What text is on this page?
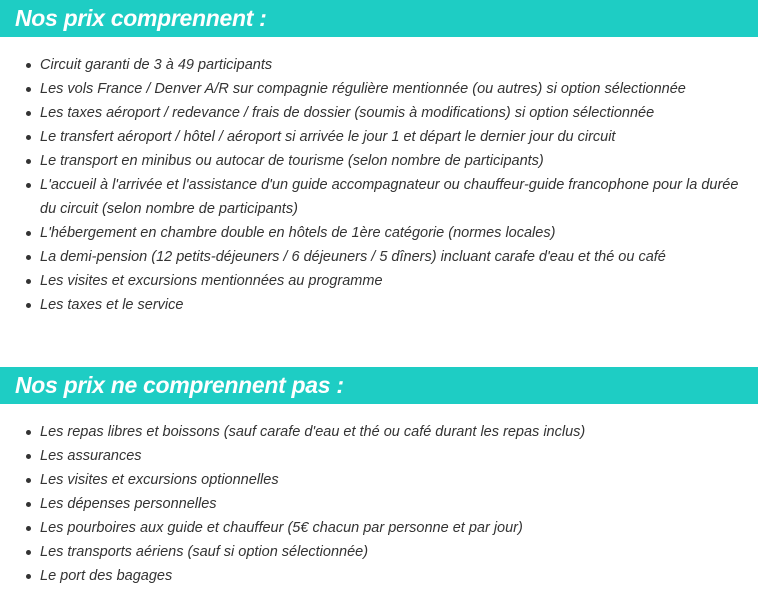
Nos prix comprennent :
Circuit garanti de 3 à 49 participants
Les vols France / Denver A/R sur compagnie régulière mentionnée (ou autres) si option sélectionnée
Les taxes aéroport / redevance / frais de dossier (soumis à modifications) si option sélectionnée
Le transfert aéroport / hôtel / aéroport si arrivée le jour 1 et départ le dernier jour du circuit
Le transport en minibus ou autocar de tourisme (selon nombre de participants)
L'accueil à l'arrivée et l'assistance d'un guide accompagnateur ou chauffeur-guide francophone pour la durée du circuit (selon nombre de participants)
L'hébergement en chambre double en hôtels de 1ère catégorie (normes locales)
La demi-pension (12 petits-déjeuners / 6 déjeuners / 5 dîners) incluant carafe d'eau et thé ou café
Les visites et excursions mentionnées au programme
Les taxes et le service
Nos prix ne comprennent pas :
Les repas libres et boissons (sauf carafe d'eau et thé ou café durant les repas inclus)
Les assurances
Les visites et excursions optionnelles
Les dépenses personnelles
Les pourboires aux guide et chauffeur (5€ chacun par personne et par jour)
Les transports aériens (sauf si option sélectionnée)
Le port des bagages
